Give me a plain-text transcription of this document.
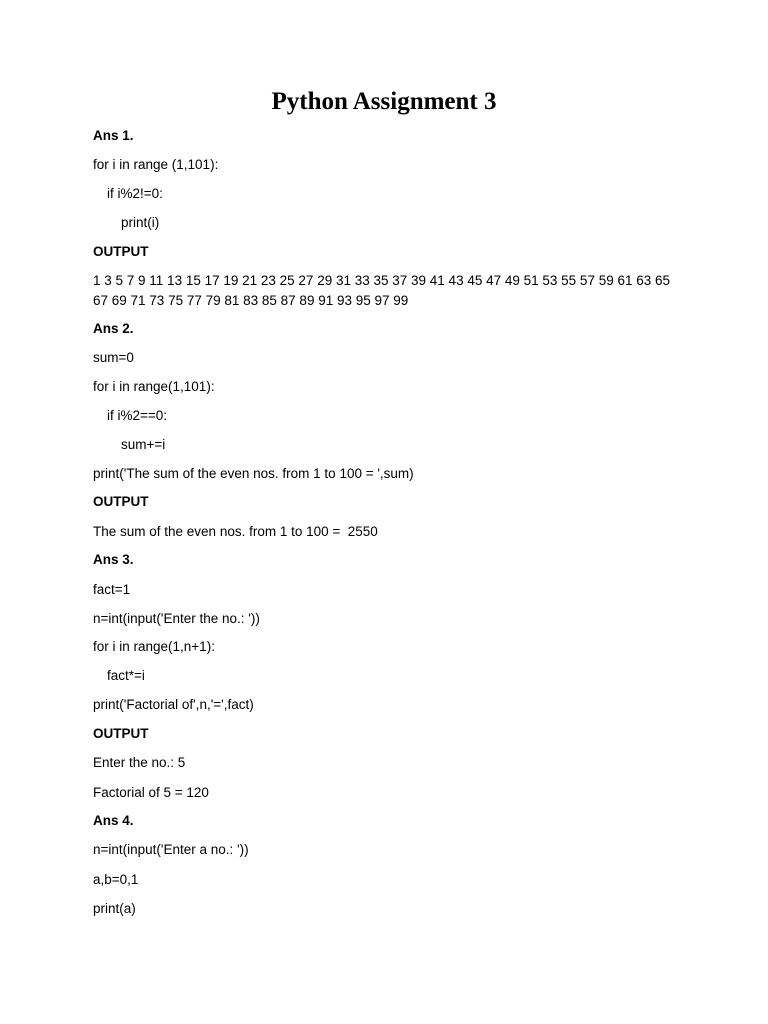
Python Assignment 3
Ans 1.
for i in range (1,101):
if i%2!=0:
print(i)
OUTPUT
1 3 5 7 9 11 13 15 17 19 21 23 25 27 29 31 33 35 37 39 41 43 45 47 49 51 53 55 57 59 61 63 65 67 69 71 73 75 77 79 81 83 85 87 89 91 93 95 97 99
Ans 2.
sum=0
for i in range(1,101):
if i%2==0:
sum+=i
print('The sum of the even nos. from 1 to 100 = ',sum)
OUTPUT
The sum of the even nos. from 1 to 100 =  2550
Ans 3.
fact=1
n=int(input('Enter the no.: '))
for i in range(1,n+1):
fact*=i
print('Factorial of',n,'=',fact)
OUTPUT
Enter the no.: 5
Factorial of 5 = 120
Ans 4.
n=int(input('Enter a no.: '))
a,b=0,1
print(a)
